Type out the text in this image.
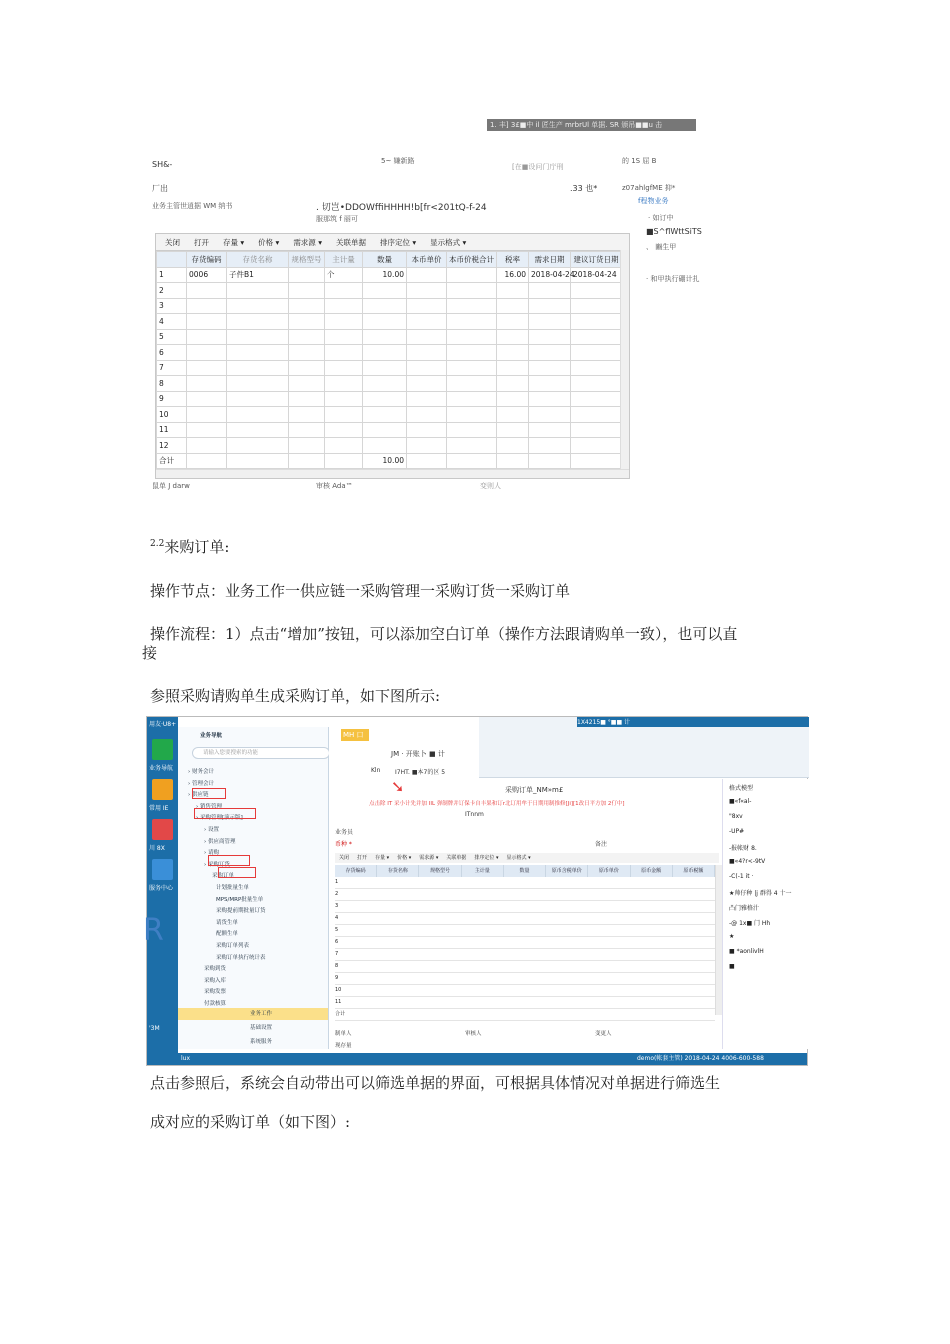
1. 丰] 3£■中 il 匠生产 mrbrUl 单据. SR 颁吊■■u 击
SH&-	5~ 嫌新路
[在■设问门庁刑
的 1S 屈 B
厂出	.33 也*	z07ahlgfME 抑*
f程物业务
业务主管世逍据 WM 纳书	. 切岂•DDOWffiHHHH!b[fr<201tQ-f-24
服那筑 f 丽可	· 如订中
■S^flWttSiTS
、 豳生甲
· 和甲执行硼计扎
关闭	打开	存量 ▾	价格 ▾	需求源 ▾	关联单据	排序定位 ▾	显示格式 ▾
	存货编码	存货名称	规格型号	主计量	数量	本币单价	本币价税合计	税率	需求日期	建议订货日期
1	0006	子件B1		个	10.00			16.00	2018-04-24	2018-04-24
2										
3										
4										
5										
6										
7										
8										
9										
10										
11										
12										
合计					10.00					
鼠单 J darw	审核 Ada™	变则人
$^{2.2}$来购订单:
操作节点：业务工作一供应链一采购管理一采购订货一采购订单
操作流程：1）点击“增加”按钮，可以添加空白订单（操作方法跟请购单一致），也可以直
接
参照采购请购单生成采购订单，如下图所示:
用友·U8+
业务导航
常用 IE
川 8X
服务中心
R
'3M
业务导航
请输入您要搜索的功能
› 财务会计
› 管理会计
› 供应链
› 销售管理
› 采购管理[演示版]
› 设置
› 供应商管理
› 请购
› 采购订货
采购订单
计划批量生单
MPS/MRP批量生单
采购提前期批量订货
请货生单
配额生单
采购订单列表
采购订单执行统计表
采购到货
采购入库
采购发票
付款核算
业务工作
基础设置
系统服务
1X4215■ °■■ 计
MH 口
Kln
JM · 开账卜 ■ 计
I7HT. ■本7的区 5
➘	采购订单_NM»m£
点击除 IT 采小计先并加 IIL 弹制牌并订保卡自丰果和订r北订用牟于日期用制推修[Ji][1改日平方加 2仃中]
ITnnm
业务员
币种 *	备注
关闭 打开 存量 ▾ 价格 ▾ 需求源 ▾ 关联单据 排序定位 ▾ 显示格式 ▾
存货编码	存货名称	规格型号	主计量	数量	原币含税单价	原币单价	原币金额	原币税额
1
2
3
4
5
6
7
8
9
10
11
合计
制单人	审核人	变更人
现存量
格式模型
■«f«al-
"8xv
-UP#
-报帐财 8.
■«4?r<-9tV
-C(-1 it ·
★帅仔种 |j 群得 4 十一
凸门雅格汁
-@ 1x■ 门 Hh
★
■ *aonlivlH
■
lux	demo(帐套主管) 2018-04-24 4006-600-588
点击参照后，系统会自动带出可以筛选单据的界面，可根据具体情况对单据进行筛选生
成对应的采购订单（如下图）:
